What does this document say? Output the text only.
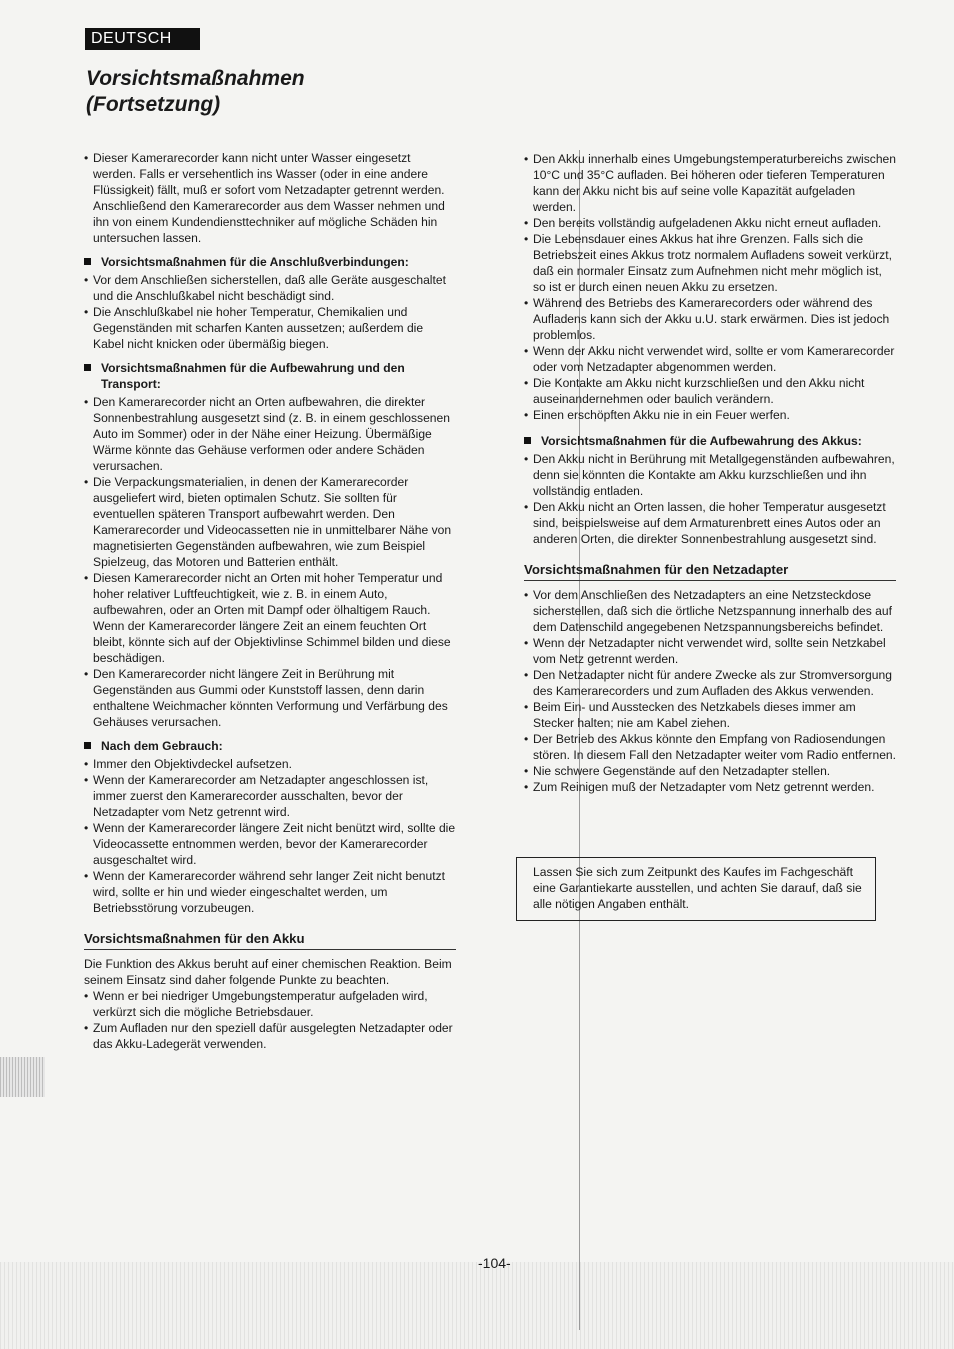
DEUTSCH
Vorsichtsmaßnahmen
(Fortsetzung)

• Dieser Kamerarecorder kann nicht unter Wasser eingesetzt werden. Falls er versehentlich ins Wasser (oder in eine andere Flüssigkeit) fällt, muß er sofort vom Netzadapter getrennt werden. Anschließend den Kamerarecorder aus dem Wasser nehmen und ihn von einem Kundendiensttechniker auf mögliche Schäden hin untersuchen lassen.

Vorsichtsmaßnahmen für die Anschlußverbindungen:

• Vor dem Anschließen sicherstellen, daß alle Geräte ausgeschaltet und die Anschlußkabel nicht beschädigt sind.

• Die Anschlußkabel nie hoher Temperatur, Chemikalien und Gegenständen mit scharfen Kanten aussetzen; außerdem die Kabel nicht knicken oder übermäßig biegen.

Vorsichtsmaßnahmen für die Aufbewahrung und den Transport:

• Den Kamerarecorder nicht an Orten aufbewahren, die direkter Sonnenbestrahlung ausgesetzt sind (z. B. in einem geschlossenen Auto im Sommer) oder in der Nähe einer Heizung. Übermäßige Wärme könnte das Gehäuse verformen oder andere Schäden verursachen.

• Die Verpackungsmaterialien, in denen der Kamerarecorder ausgeliefert wird, bieten optimalen Schutz. Sie sollten für eventuellen späteren Transport aufbewahrt werden. Den Kamerarecorder und Videocassetten nie in unmittelbarer Nähe von magnetisierten Gegenständen aufbewahren, wie zum Beispiel Spielzeug, das Motoren und Batterien enthält.

• Diesen Kamerarecorder nicht an Orten mit hoher Temperatur und hoher relativer Luftfeuchtigkeit, wie z. B. in einem Auto, aufbewahren, oder an Orten mit Dampf oder ölhaltigem Rauch. Wenn der Kamerarecorder längere Zeit an einem feuchten Ort bleibt, könnte sich auf der Objektivlinse Schimmel bilden und diese beschädigen.

• Den Kamerarecorder nicht längere Zeit in Berührung mit Gegenständen aus Gummi oder Kunststoff lassen, denn darin enthaltene Weichmacher könnten Verformung und Verfärbung des Gehäuses verursachen.

Nach dem Gebrauch:

• Immer den Objektivdeckel aufsetzen.

• Wenn der Kamerarecorder am Netzadapter angeschlossen ist, immer zuerst den Kamerarecorder ausschalten, bevor der Netzadapter vom Netz getrennt wird.

• Wenn der Kamerarecorder längere Zeit nicht benützt wird, sollte die Videocassette entnommen werden, bevor der Kamerarecorder ausgeschaltet wird.

• Wenn der Kamerarecorder während sehr langer Zeit nicht benutzt wird, sollte er hin und wieder eingeschaltet werden, um Betriebsstörung vorzubeugen.

Vorsichtsmaßnahmen für den Akku

Die Funktion des Akkus beruht auf einer chemischen Reaktion. Beim seinem Einsatz sind daher folgende Punkte zu beachten.

• Wenn er bei niedriger Umgebungstemperatur aufgeladen wird, verkürzt sich die mögliche Betriebsdauer.

• Zum Aufladen nur den speziell dafür ausgelegten Netzadapter oder das Akku-Ladegerät verwenden.

• Den Akku innerhalb eines Umgebungstemperaturbereichs zwischen 10°C und 35°C aufladen. Bei höheren oder tieferen Temperaturen kann der Akku nicht bis auf seine volle Kapazität aufgeladen werden.

• Den bereits vollständig aufgeladenen Akku nicht erneut aufladen.

• Die Lebensdauer eines Akkus hat ihre Grenzen. Falls sich die Betriebszeit eines Akkus trotz normalem Aufladens soweit verkürzt, daß ein normaler Einsatz zum Aufnehmen nicht mehr möglich ist, so ist er durch einen neuen Akku zu ersetzen.

• Während des Betriebs des Kamerarecorders oder während des Aufladens kann sich der Akku u.U. stark erwärmen. Dies ist jedoch problemlos.

• Wenn der Akku nicht verwendet wird, sollte er vom Kamerarecorder oder vom Netzadapter abgenommen werden.

• Die Kontakte am Akku nicht kurzschließen und den Akku nicht auseinandernehmen oder baulich verändern.

• Einen erschöpften Akku nie in ein Feuer werfen.

Vorsichtsmaßnahmen für die Aufbewahrung des Akkus:

• Den Akku nicht in Berührung mit Metallgegenständen aufbewahren, denn sie könnten die Kontakte am Akku kurzschließen und ihn vollständig entladen.

• Den Akku nicht an Orten lassen, die hoher Temperatur ausgesetzt sind, beispielsweise auf dem Armaturenbrett eines Autos oder an anderen Orten, die direkter Sonnenbestrahlung ausgesetzt sind.

Vorsichtsmaßnahmen für den Netzadapter

• Vor dem Anschließen des Netzadapters an eine Netzsteckdose sicherstellen, daß sich die örtliche Netzspannung innerhalb des auf dem Datenschild angegebenen Netzspannungsbereichs befindet.

• Wenn der Netzadapter nicht verwendet wird, sollte sein Netzkabel vom Netz getrennt werden.

• Den Netzadapter nicht für andere Zwecke als zur Stromversorgung des Kamerarecorders und zum Aufladen des Akkus verwenden.

• Beim Ein- und Ausstecken des Netzkabels dieses immer am Stecker halten; nie am Kabel ziehen.

• Der Betrieb des Akkus könnte den Empfang von Radiosendungen stören. In diesem Fall den Netzadapter weiter vom Radio entfernen.

• Nie schwere Gegenstände auf den Netzadapter stellen.

• Zum Reinigen muß der Netzadapter vom Netz getrennt werden.

Lassen Sie sich zum Zeitpunkt des Kaufes im Fachgeschäft eine Garantiekarte ausstellen, und achten Sie darauf, daß sie alle nötigen Angaben enthält.
-104-
